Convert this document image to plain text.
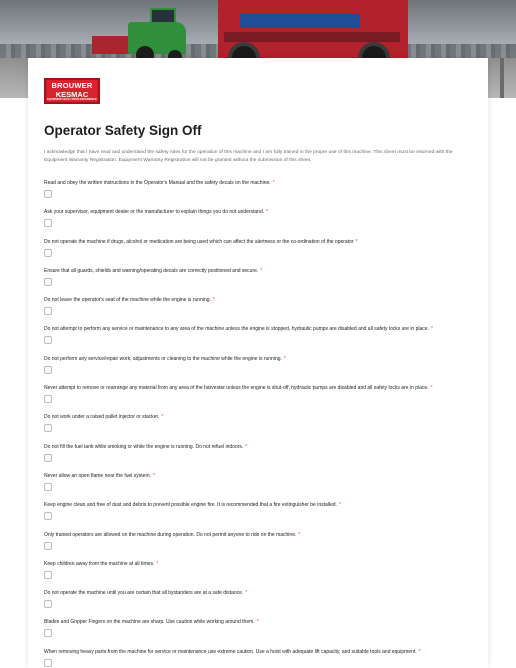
BROUWER
KESMAC
EQUIPMENT BUILT FROM EXPERIENCE
Operator Safety Sign Off
I acknowledge that I have read and understand the safety rules for the operation of this machine and I am fully trained in the proper use of this machine. This sheet must be returned with the Equipment Warranty Registration. Equipment Warranty Registration will not be granted without the submission of this sheet.
Read and obey the written instructions in the Operator's Manual and the safety decals on the machine. *
Ask your supervisor, equipment dealer or the manufacturer to explain things you do not understand. *
Do not operate the machine if drugs, alcohol or medication are being used which can affect the alertness or the co-ordination of the operator *
Ensure that all guards, shields and warning/operating decals are correctly positioned and secure. *
Do not leave the operator's seat of the machine while the engine is running. *
Do not attempt to perform any service or maintenance to any area of the machine unless the engine is stopped, hydraulic pumps are disabled and all safety locks are in place. *
Do not perform any service/repair work, adjustments or cleaning to the machine while the engine is running. *
Never attempt to remove or rearrange any material from any area of the harvester unless the engine is shut-off, hydraulic pumps are disabled and all safety locks are in place. *
Do not work under a raised pallet injector or stacker. *
Do not fill the fuel tank while smoking or while the engine is running. Do not refuel indoors. *
Never allow an open flame near the fuel system. *
Keep engine clean and free of dust and debris to prevent possible engine fire. It is recommended that a fire extinguisher be installed. *
Only trained operators are allowed on the machine during operation. Do not permit anyone to ride on the machine. *
Keep children away from the machine at all times. *
Do not operate the machine until you are certain that all bystanders are at a safe distance. *
Blades and Gripper Fingers on the machine are sharp. Use caution while working around them. *
When removing heavy parts from the machine for service or maintenance use extreme caution. Use a hoist with adequate lift capacity, and suitable tools and equipment. *
